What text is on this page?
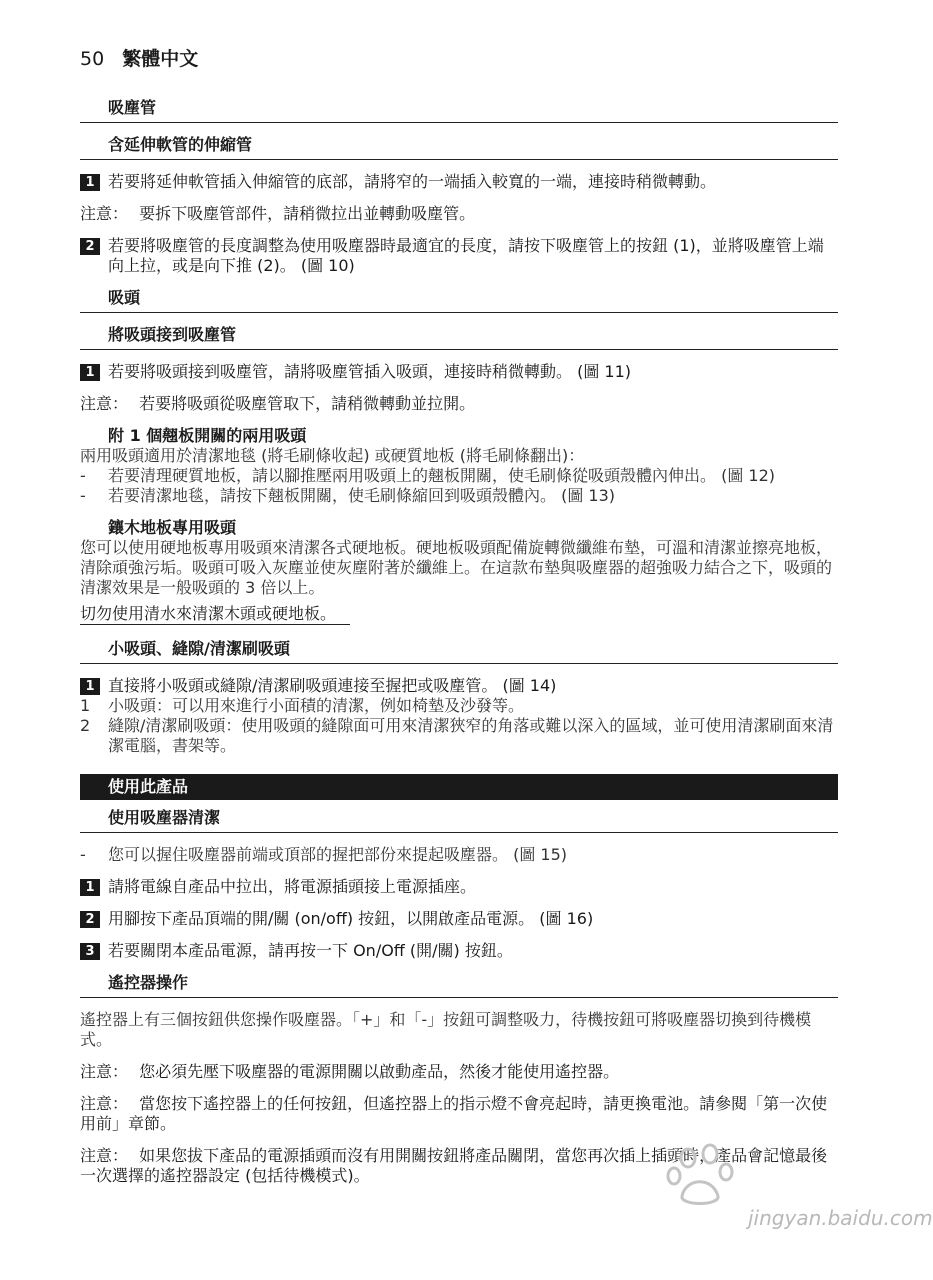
50 繁體中文
吸塵管
含延伸軟管的伸縮管
1 若要將延伸軟管插入伸縮管的底部，請將窄的一端插入較寬的一端，連接時稍微轉動。
注意： 要拆下吸塵管部件，請稍微拉出並轉動吸塵管。
2 若要將吸塵管的長度調整為使用吸塵器時最適宜的長度，請按下吸塵管上的按鈕 (1)，並將吸塵管上端向上拉，或是向下推 (2)。 (圖 10)
吸頭
將吸頭接到吸塵管
1 若要將吸頭接到吸塵管，請將吸塵管插入吸頭，連接時稍微轉動。 (圖 11)
注意： 若要將吸頭從吸塵管取下，請稍微轉動並拉開。
附 1 個翹板開關的兩用吸頭
兩用吸頭適用於清潔地毯 (將毛刷條收起) 或硬質地板 (將毛刷條翻出)：
- 若要清理硬質地板，請以腳推壓兩用吸頭上的翹板開關，使毛刷條從吸頭殼體內伸出。 (圖 12)
- 若要清潔地毯，請按下翹板開關，使毛刷條縮回到吸頭殼體內。 (圖 13)
鑲木地板專用吸頭
您可以使用硬地板專用吸頭來清潔各式硬地板。硬地板吸頭配備旋轉微纖維布墊，可溫和清潔並擦亮地板，清除頑強污垢。吸頭可吸入灰塵並使灰塵附著於纖維上。在這款布墊與吸塵器的超強吸力結合之下，吸頭的清潔效果是一般吸頭的 3 倍以上。
切勿使用清水來清潔木頭或硬地板。
小吸頭、縫隙/清潔刷吸頭
1 直接將小吸頭或縫隙/清潔刷吸頭連接至握把或吸塵管。 (圖 14)
1 小吸頭：可以用來進行小面積的清潔，例如椅墊及沙發等。
2 縫隙/清潔刷吸頭：使用吸頭的縫隙面可用來清潔狹窄的角落或難以深入的區域，並可使用清潔刷面來清潔電腦，書架等。
使用此產品
使用吸塵器清潔
- 您可以握住吸塵器前端或頂部的握把部份來提起吸塵器。 (圖 15)
1 請將電線自產品中拉出，將電源插頭接上電源插座。
2 用腳按下產品頂端的開/關 (on/off) 按鈕，以開啟產品電源。 (圖 16)
3 若要關閉本產品電源，請再按一下 On/Off (開/關) 按鈕。
遙控器操作
遙控器上有三個按鈕供您操作吸塵器。「+」和「-」按鈕可調整吸力，待機按鈕可將吸塵器切換到待機模式。
注意： 您必須先壓下吸塵器的電源開關以啟動產品，然後才能使用遙控器。
注意： 當您按下遙控器上的任何按鈕，但遙控器上的指示燈不會亮起時，請更換電池。請參閱「第一次使用前」章節。
注意： 如果您拔下產品的電源插頭而沒有用開關按鈕將產品關閉，當您再次插上插頭時，產品會記憶最後一次選擇的遙控器設定 (包括待機模式)。
jingyan.baidu.com
